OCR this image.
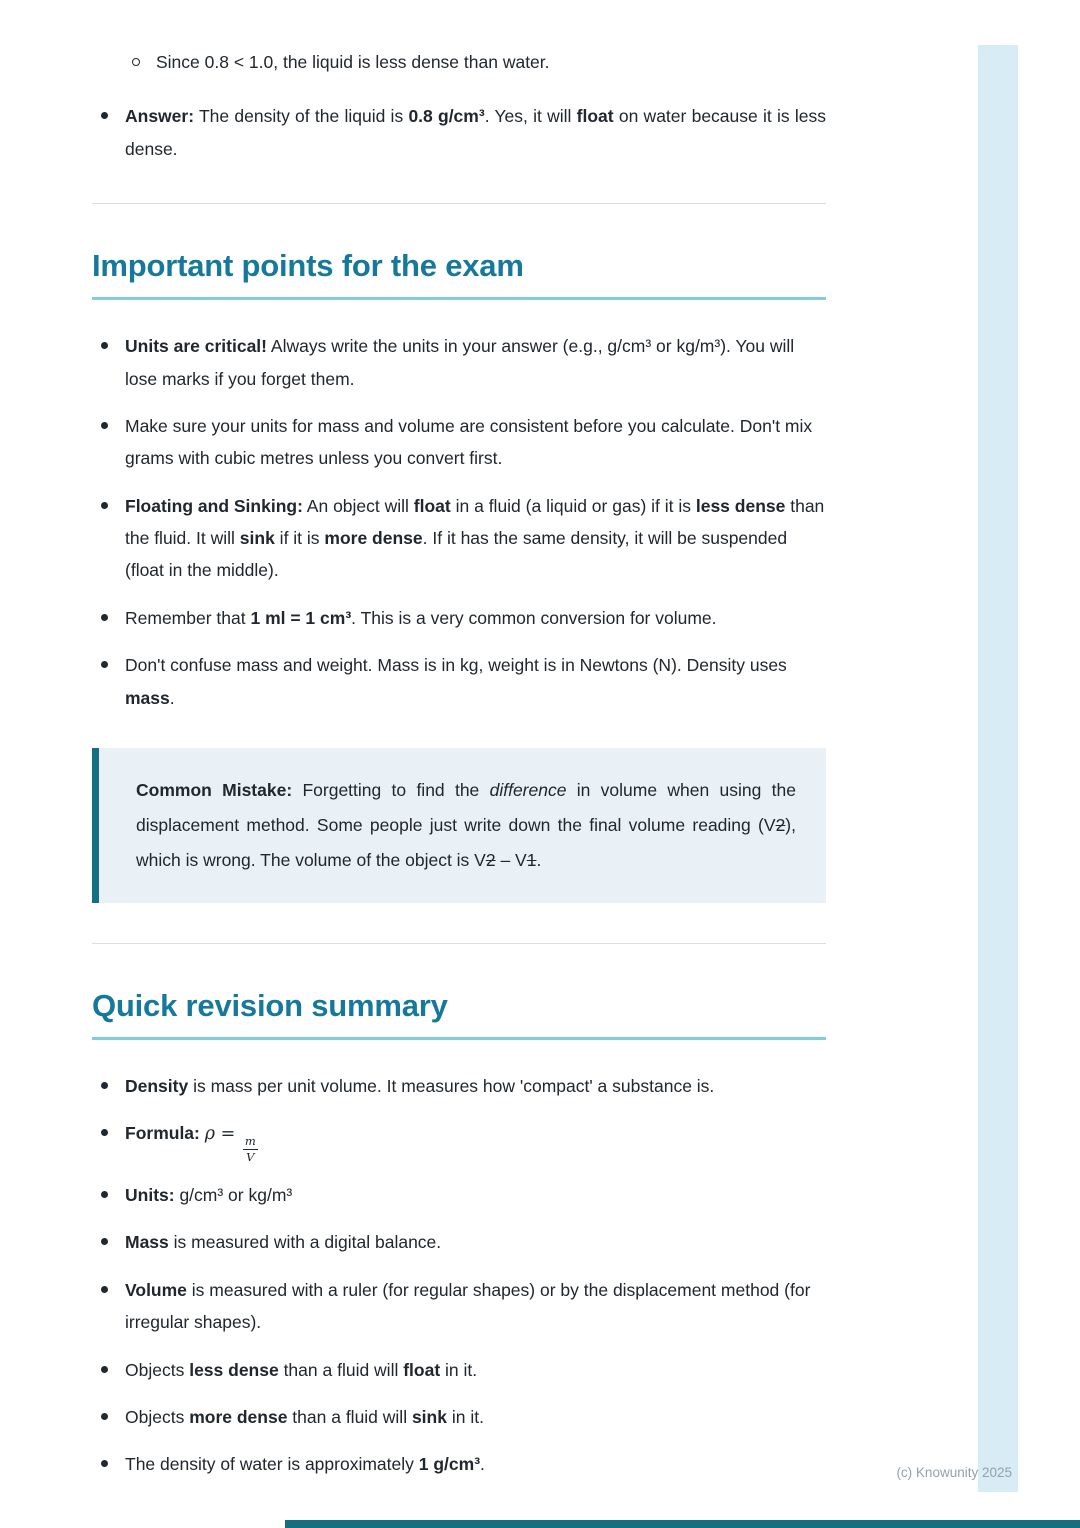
Since 0.8 < 1.0, the liquid is less dense than water.
Answer: The density of the liquid is 0.8 g/cm³. Yes, it will float on water because it is less dense.
Important points for the exam
Units are critical! Always write the units in your answer (e.g., g/cm³ or kg/m³). You will lose marks if you forget them.
Make sure your units for mass and volume are consistent before you calculate. Don't mix grams with cubic metres unless you convert first.
Floating and Sinking: An object will float in a fluid (a liquid or gas) if it is less dense than the fluid. It will sink if it is more dense. If it has the same density, it will be suspended (float in the middle).
Remember that 1 ml = 1 cm³. This is a very common conversion for volume.
Don't confuse mass and weight. Mass is in kg, weight is in Newtons (N). Density uses mass.
Common Mistake: Forgetting to find the difference in volume when using the displacement method. Some people just write down the final volume reading (V2), which is wrong. The volume of the object is V2 – V1.
Quick revision summary
Density is mass per unit volume. It measures how 'compact' a substance is.
Formula: $\rho = \frac{m}{V}$
Units: g/cm³ or kg/m³
Mass is measured with a digital balance.
Volume is measured with a ruler (for regular shapes) or by the displacement method (for irregular shapes).
Objects less dense than a fluid will float in it.
Objects more dense than a fluid will sink in it.
The density of water is approximately 1 g/cm³.	(c) Knowunity 2025
